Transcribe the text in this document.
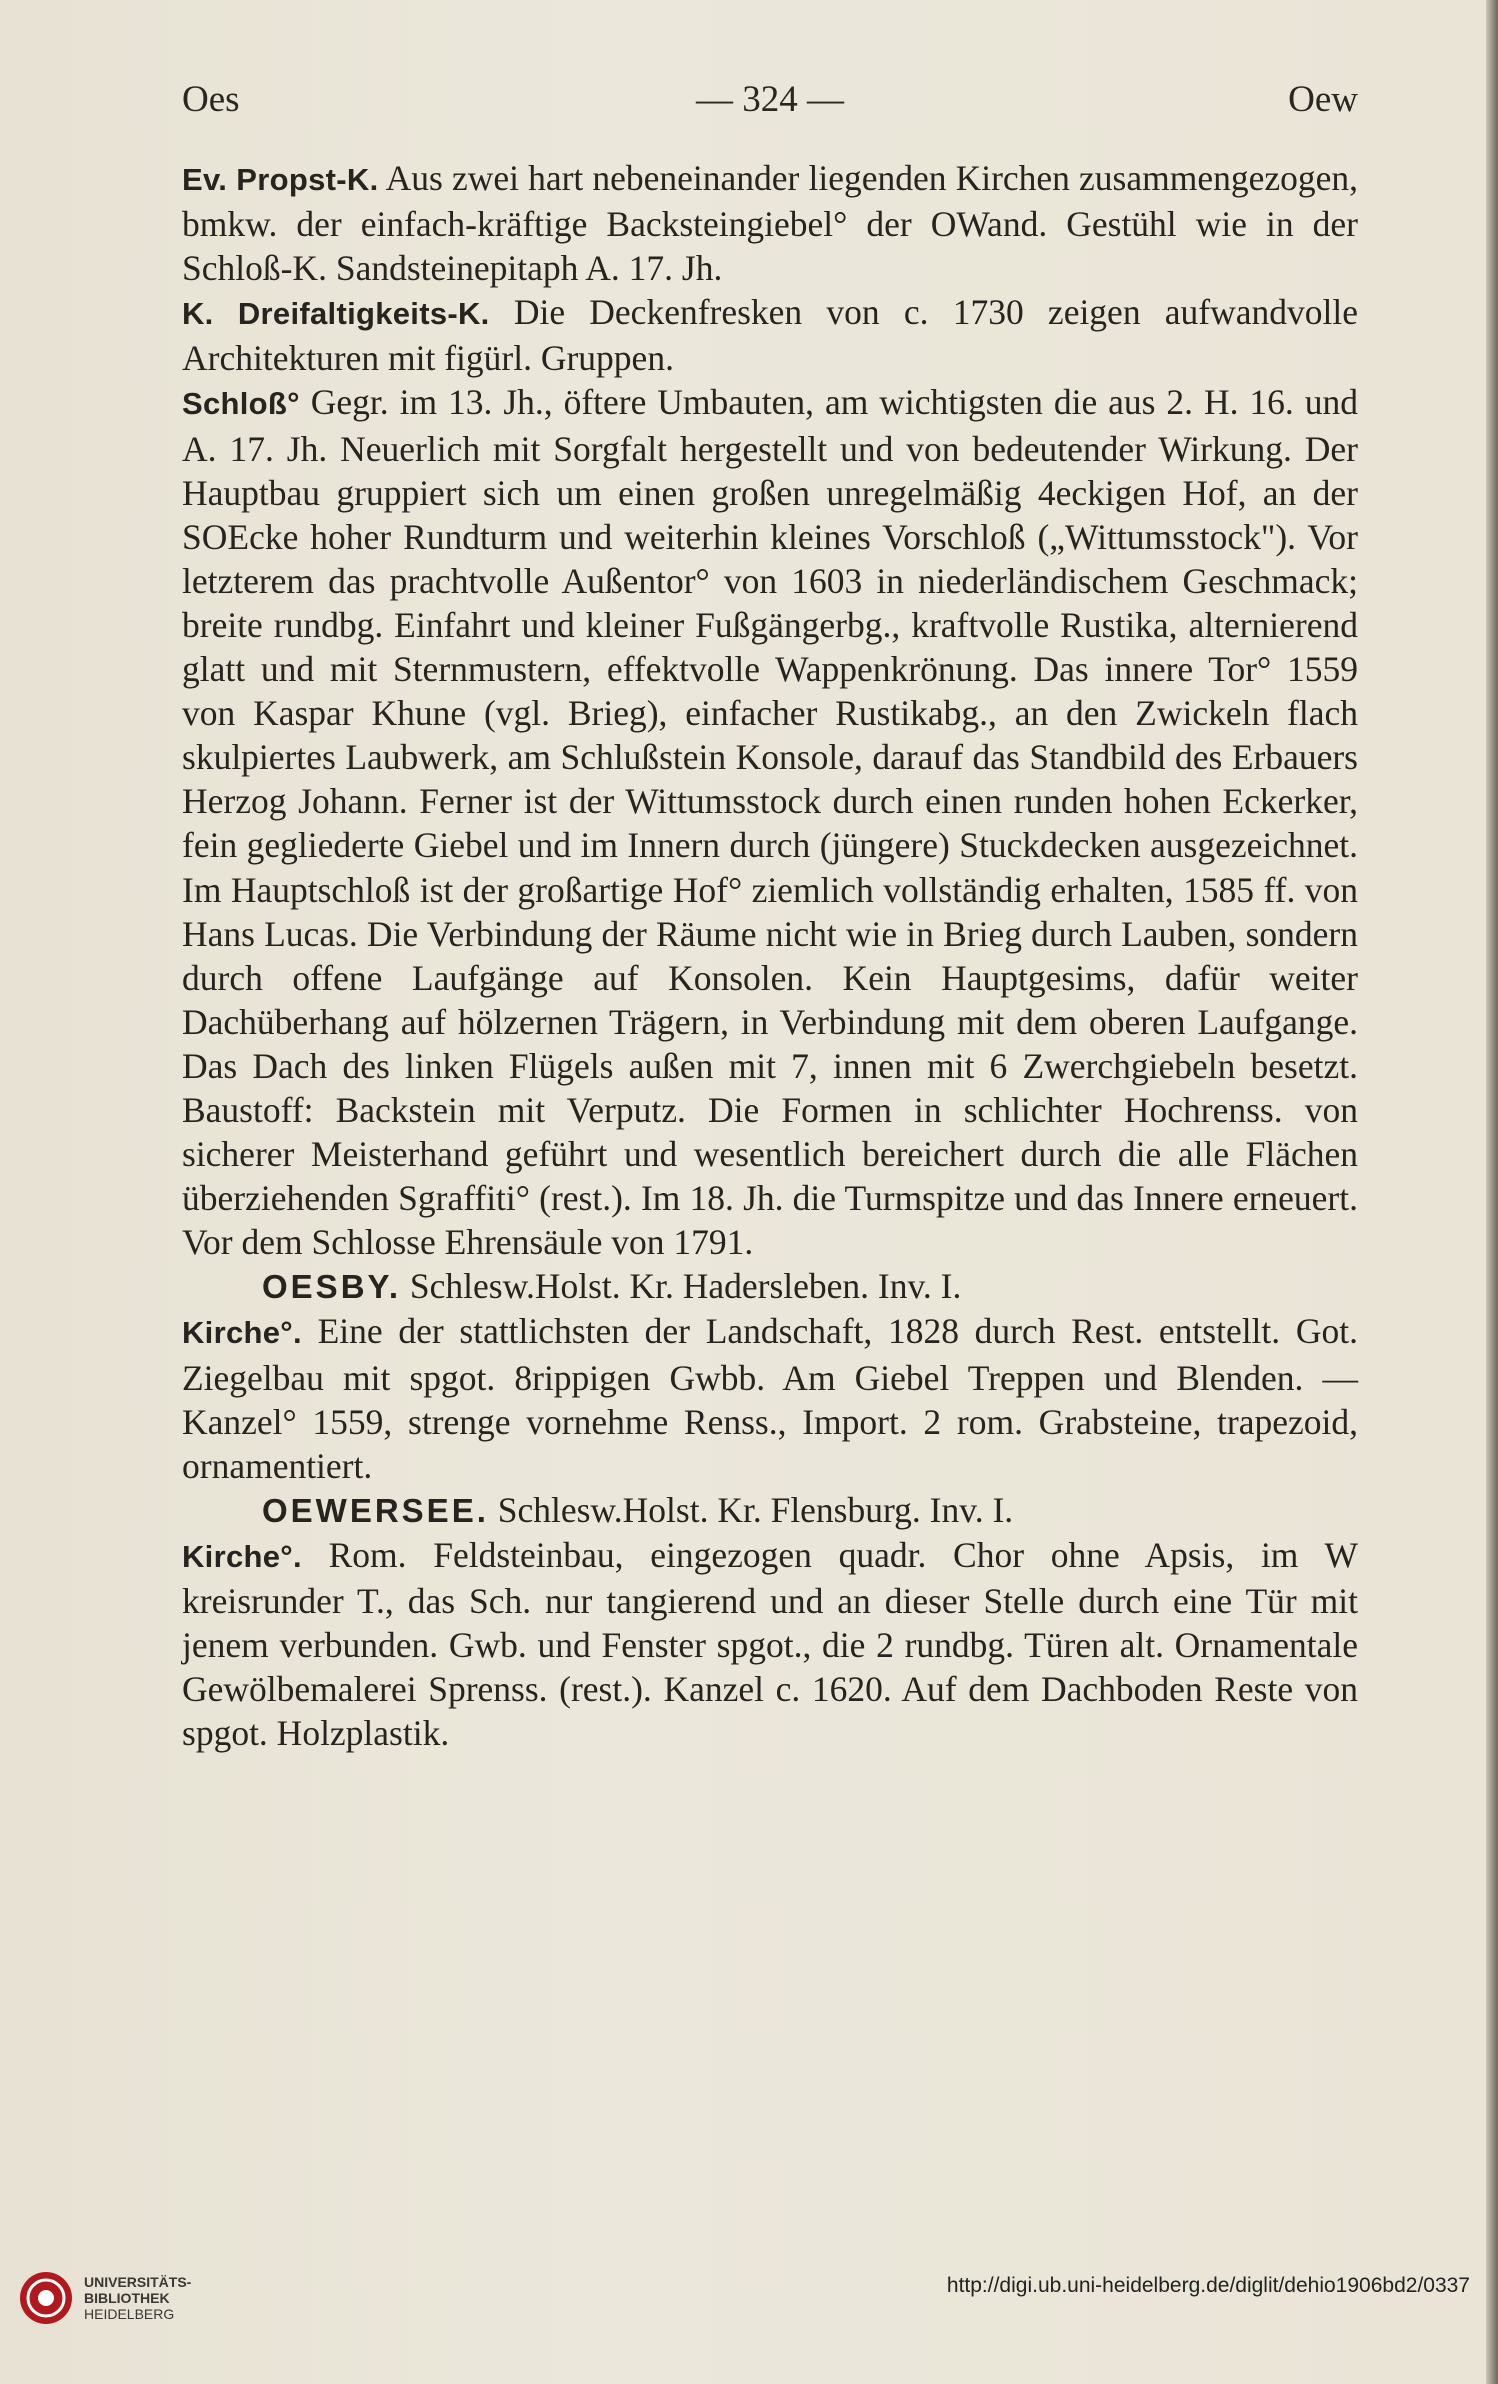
Oes	— 324 —	Oew

Ev. Propst-K. Aus zwei hart nebeneinander liegenden Kirchen zusammengezogen, bmkw. der einfach-kräftige Backsteingiebel° der OWand. Gestühl wie in der Schloß-K. Sandsteinepitaph A. 17. Jh.

K. Dreifaltigkeits-K. Die Deckenfresken von c. 1730 zeigen aufwandvolle Architekturen mit figürl. Gruppen.

Schloß° Gegr. im 13. Jh., öftere Umbauten, am wichtigsten die aus 2. H. 16. und A. 17. Jh. Neuerlich mit Sorgfalt hergestellt und von bedeutender Wirkung. Der Hauptbau gruppiert sich um einen großen unregelmäßig 4eckigen Hof, an der SOEcke hoher Rundturm und weiterhin kleines Vorschloß („Wittumsstock"). Vor letzterem das prachtvolle Außentor° von 1603 in niederländischem Geschmack; breite rundbg. Einfahrt und kleiner Fußgängerbg., kraftvolle Rustika, alternierend glatt und mit Sternmustern, effektvolle Wappenkrönung. Das innere Tor° 1559 von Kaspar Khune (vgl. Brieg), einfacher Rustikabg., an den Zwickeln flach skulpiertes Laubwerk, am Schlußstein Konsole, darauf das Standbild des Erbauers Herzog Johann. Ferner ist der Wittumsstock durch einen runden hohen Eckerker, fein gegliederte Giebel und im Innern durch (jüngere) Stuckdecken ausgezeichnet. Im Hauptschloß ist der großartige Hof° ziemlich vollständig erhalten, 1585 ff. von Hans Lucas. Die Verbindung der Räume nicht wie in Brieg durch Lauben, sondern durch offene Laufgänge auf Konsolen. Kein Hauptgesims, dafür weiter Dachüberhang auf hölzernen Trägern, in Verbindung mit dem oberen Laufgange. Das Dach des linken Flügels außen mit 7, innen mit 6 Zwerchgiebeln besetzt. Baustoff: Backstein mit Verputz. Die Formen in schlichter Hochrenss. von sicherer Meisterhand geführt und wesentlich bereichert durch die alle Flächen überziehenden Sgraffiti° (rest.). Im 18. Jh. die Turmspitze und das Innere erneuert. Vor dem Schlosse Ehrensäule von 1791.

OESBY. Schlesw.Holst. Kr. Hadersleben. Inv. I.

Kirche°. Eine der stattlichsten der Landschaft, 1828 durch Rest. entstellt. Got. Ziegelbau mit spgot. 8rippigen Gwbb. Am Giebel Treppen und Blenden. — Kanzel° 1559, strenge vornehme Renss., Import. 2 rom. Grabsteine, trapezoid, ornamentiert.

OEWERSEE. Schlesw.Holst. Kr. Flensburg. Inv. I.

Kirche°. Rom. Feldsteinbau, eingezogen quadr. Chor ohne Apsis, im W kreisrunder T., das Sch. nur tangierend und an dieser Stelle durch eine Tür mit jenem verbunden. Gwb. und Fenster spgot., die 2 rundbg. Türen alt. Ornamentale Gewölbemalerei Sprenss. (rest.). Kanzel c. 1620. Auf dem Dachboden Reste von spgot. Holzplastik.

UNIVERSITÄTS-
BIBLIOTHEK
HEIDELBERG
http://digi.ub.uni-heidelberg.de/diglit/dehio1906bd2/0337
